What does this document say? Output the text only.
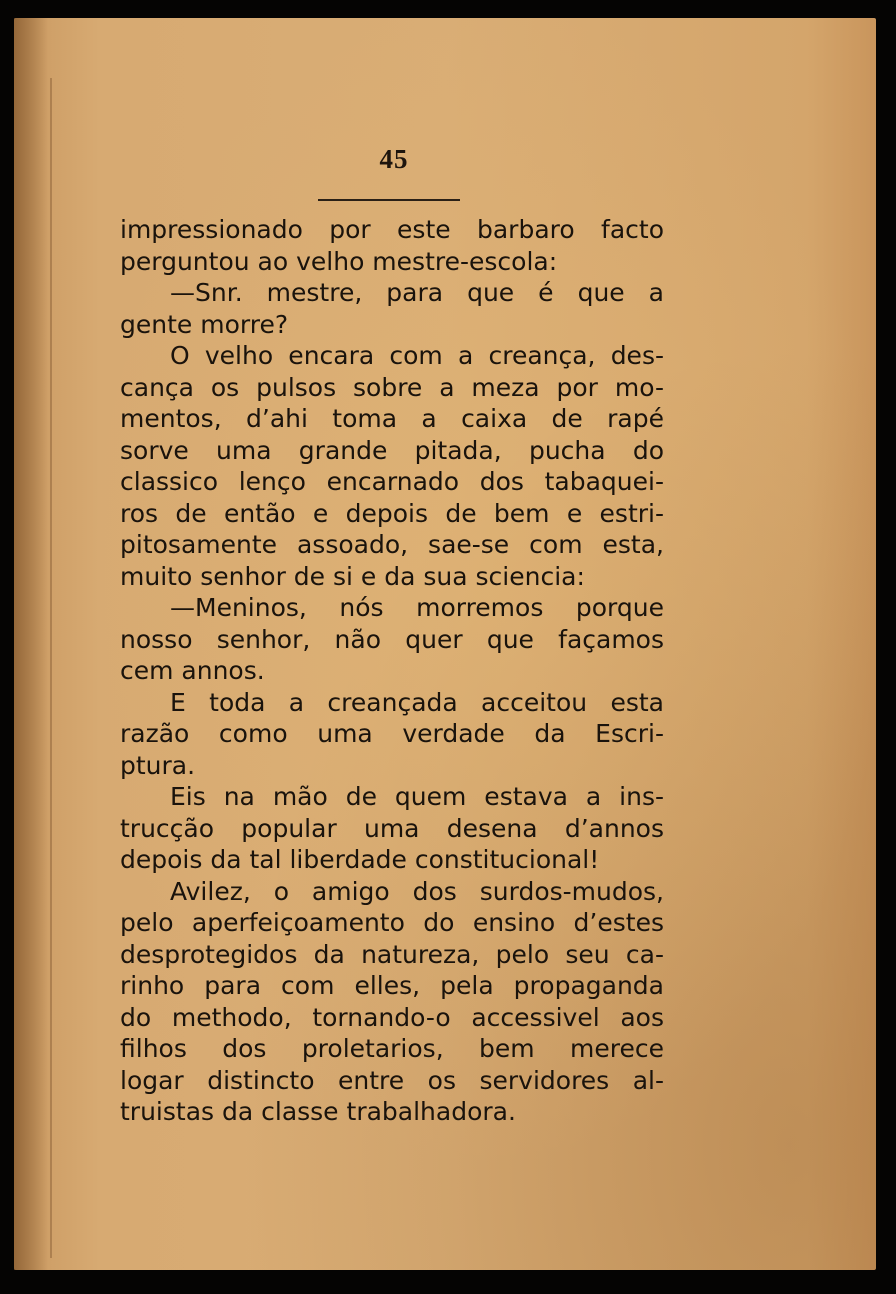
45
impressionado por este barbaro facto
perguntou ao velho mestre-escola:
—Snr. mestre, para que é que a
gente morre?
O velho encara com a creança, des-
cança os pulsos sobre a meza por mo-
mentos, d’ahi toma a caixa de rapé
sorve uma grande pitada, pucha do
classico lenço encarnado dos tabaquei-
ros de então e depois de bem e estri-
pitosamente assoado, sae-se com esta,
muito senhor de si e da sua sciencia:
—Meninos, nós morremos porque
nosso senhor, não quer que façamos
cem annos.
E toda a creançada acceitou esta
razão como uma verdade da Escri-
ptura.
Eis na mão de quem estava a ins-
trucção popular uma desena d’annos
depois da tal liberdade constitucional!
Avilez, o amigo dos surdos-mudos,
pelo aperfeiçoamento do ensino d’estes
desprotegidos da natureza, pelo seu ca-
rinho para com elles, pela propaganda
do methodo, tornando-o accessivel aos
filhos dos proletarios, bem merece
logar distincto entre os servidores al-
truistas da classe trabalhadora.
